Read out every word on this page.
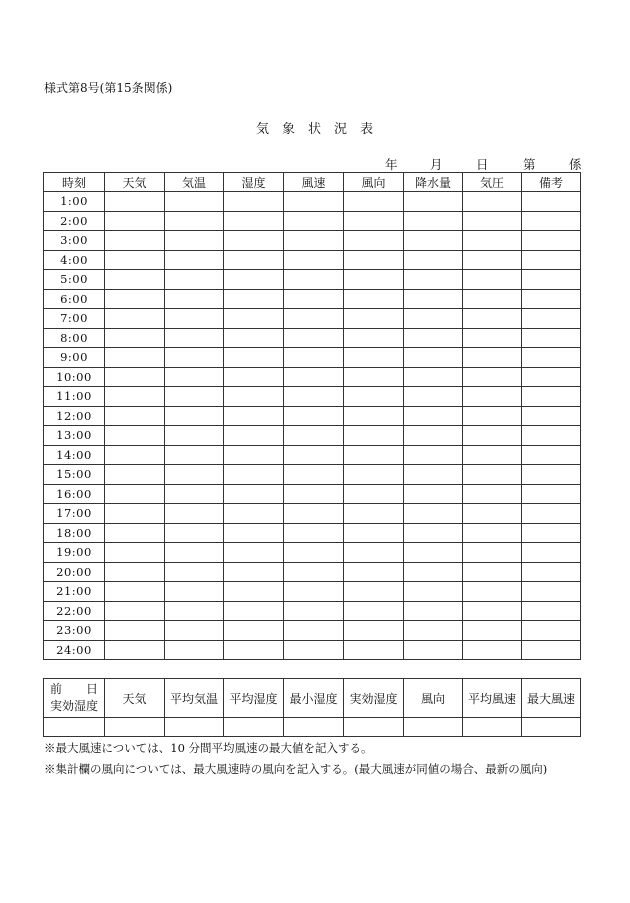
様式第8号(第15条関係)
気 象 状 況 表
年	月	日	第	係
時刻	天気	気温	湿度	風速	風向	降水量	気圧	備考
1:00								
2:00								
3:00								
4:00								
5:00								
6:00								
7:00								
8:00								
9:00								
10:00								
11:00								
12:00								
13:00								
14:00								
15:00								
16:00								
17:00								
18:00								
19:00								
20:00								
21:00								
22:00								
23:00								
24:00								
前 日
実効湿度	天気	平均気温	平均湿度	最小湿度	実効湿度	風向	平均風速	最大風速

※最大風速については、10 分間平均風速の最大値を記入する。
※集計欄の風向については、最大風速時の風向を記入する。(最大風速が同値の場合、最新の風向)
